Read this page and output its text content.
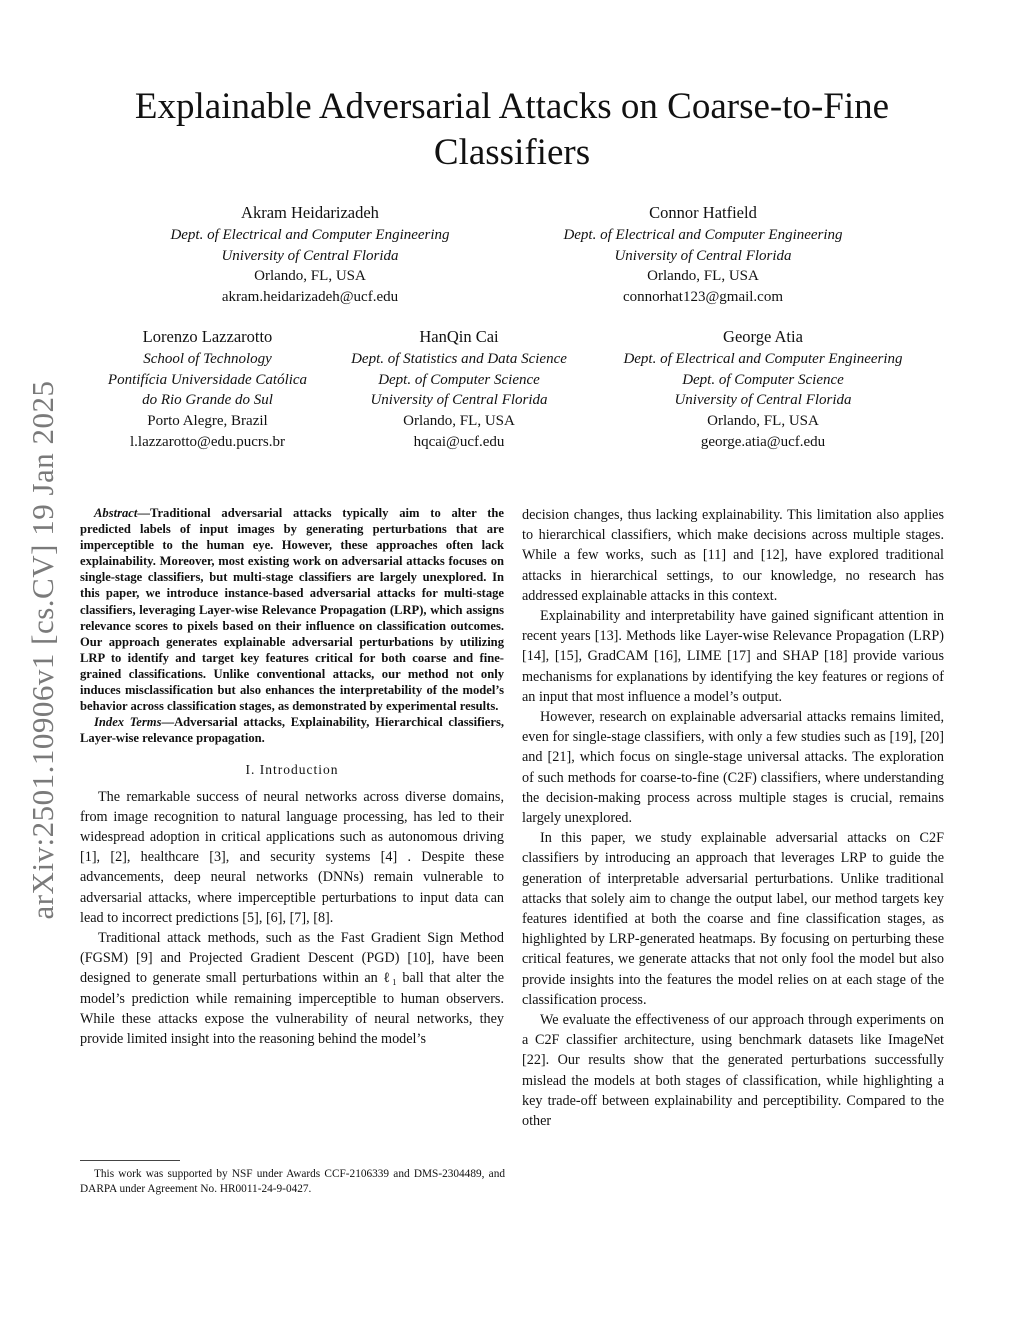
arXiv:2501.10906v1 [cs.CV] 19 Jan 2025
Explainable Adversarial Attacks on Coarse-to-Fine Classifiers
Akram Heidarizadeh
Dept. of Electrical and Computer Engineering
University of Central Florida
Orlando, FL, USA
akram.heidarizadeh@ucf.edu
Connor Hatfield
Dept. of Electrical and Computer Engineering
University of Central Florida
Orlando, FL, USA
connorhat123@gmail.com
Lorenzo Lazzarotto
School of Technology
Pontifícia Universidade Católica
do Rio Grande do Sul
Porto Alegre, Brazil
l.lazzarotto@edu.pucrs.br
HanQin Cai
Dept. of Statistics and Data Science
Dept. of Computer Science
University of Central Florida
Orlando, FL, USA
hqcai@ucf.edu
George Atia
Dept. of Electrical and Computer Engineering
Dept. of Computer Science
University of Central Florida
Orlando, FL, USA
george.atia@ucf.edu

Abstract—Traditional adversarial attacks typically aim to alter the predicted labels of input images by generating perturbations that are imperceptible to the human eye. However, these approaches often lack explainability. Moreover, most existing work on adversarial attacks focuses on single-stage classifiers, but multi-stage classifiers are largely unexplored. In this paper, we introduce instance-based adversarial attacks for multi-stage classifiers, leveraging Layer-wise Relevance Propagation (LRP), which assigns relevance scores to pixels based on their influence on classification outcomes. Our approach generates explainable adversarial perturbations by utilizing LRP to identify and target key features critical for both coarse and fine-grained classifications. Unlike conventional attacks, our method not only induces misclassification but also enhances the interpretability of the model’s behavior across classification stages, as demonstrated by experimental results.

Index Terms—Adversarial attacks, Explainability, Hierarchical classifiers, Layer-wise relevance propagation.

I. Introduction

The remarkable success of neural networks across diverse domains, from image recognition to natural language processing, has led to their widespread adoption in critical applications such as autonomous driving [1], [2], healthcare [3], and security systems [4] . Despite these advancements, deep neural networks (DNNs) remain vulnerable to adversarial attacks, where imperceptible perturbations to input data can lead to incorrect predictions [5], [6], [7], [8].

Traditional attack methods, such as the Fast Gradient Sign Method (FGSM) [9] and Projected Gradient Descent (PGD) [10], have been designed to generate small perturbations within an ℓ₁ ball that alter the model’s prediction while remaining imperceptible to human observers. While these attacks expose the vulnerability of neural networks, they provide limited insight into the reasoning behind the model’s

decision changes, thus lacking explainability. This limitation also applies to hierarchical classifiers, which make decisions across multiple stages. While a few works, such as [11] and [12], have explored traditional attacks in hierarchical settings, to our knowledge, no research has addressed explainable attacks in this context.

Explainability and interpretability have gained significant attention in recent years [13]. Methods like Layer-wise Relevance Propagation (LRP) [14], [15], GradCAM [16], LIME [17] and SHAP [18] provide various mechanisms for explanations by identifying the key features or regions of an input that most influence a model’s output.

However, research on explainable adversarial attacks remains limited, even for single-stage classifiers, with only a few studies such as [19], [20] and [21], which focus on single-stage universal attacks. The exploration of such methods for coarse-to-fine (C2F) classifiers, where understanding the decision-making process across multiple stages is crucial, remains largely unexplored.

In this paper, we study explainable adversarial attacks on C2F classifiers by introducing an approach that leverages LRP to guide the generation of interpretable adversarial perturbations. Unlike traditional attacks that solely aim to change the output label, our method targets key features identified at both the coarse and fine classification stages, as highlighted by LRP-generated heatmaps. By focusing on perturbing these critical features, we generate attacks that not only fool the model but also provide insights into the features the model relies on at each stage of the classification process.

We evaluate the effectiveness of our approach through experiments on a C2F classifier architecture, using benchmark datasets like ImageNet [22]. Our results show that the generated perturbations successfully mislead the models at both stages of classification, while highlighting a key trade-off between explainability and perceptibility. Compared to the other

This work was supported by NSF under Awards CCF-2106339 and DMS-2304489, and DARPA under Agreement No. HR0011-24-9-0427.
